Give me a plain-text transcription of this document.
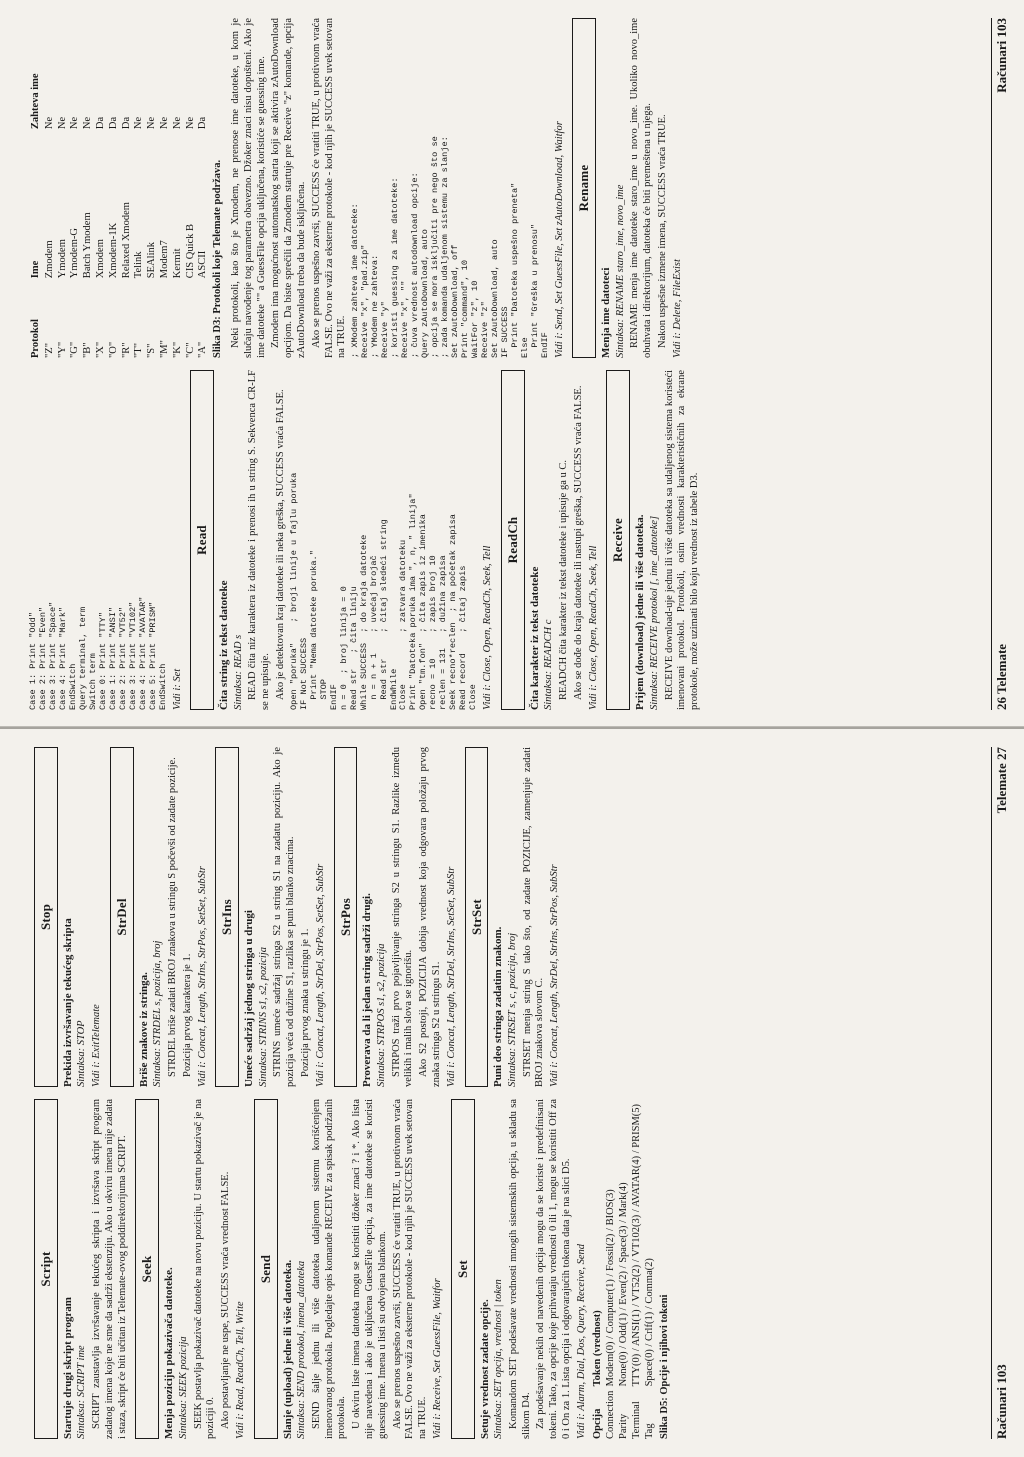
Case 1: Print "Odd"
Case 2: Print "Even"
Case 3: Print "Space"
Case 4: Print "Mark"
EndSwitch
Query terminal, term
Switch term
Case 0: Print "TTY"
Case 1: Print "ANSI"
Case 2: Print "VT52"
Case 3: Print "VT102"
Case 4: Print "AVATAR"
Case 5: Print "PRISM"
EndSwitch Vidi i: Set
Read
Čita string iz tekst datoteke Sintaksa: READ s READ čita niz karaktera iz datoteke i prenosi ih u string S. Sekvenca CR-LF se ne upisuje. Ako je detektovan kraj datoteke ili neka greška, SUCCESS vraća FALSE. Open "poruka"    ; broji linije u fajlu poruka
IF Not SUCCESS
Print "Nema datoteke poruka."
STOP
EndIF
n = 0  ; broj linija = 0
Read str   ; čita liniju
While SUCCESS  ; do kraja datoteke
n = n + 1    ; uvećaj brojač
Read str     ; čitaj sledeći string
EndWhile
Close          ; zatvara datoteku
Print "Datoteka poruka ima ", n, " linija"
Open "tm.fon"  ; čita zapis iz imenika
recno = 10     ; zapis broj 10
reclen = 131   ; dužina zapisa
Seek recno*reclen  ; na početak zapisa
Read record    ; čitaj zapis
Close Vidi i: Close, Open, ReadCh, Seek, Tell
ReadCh
Čita karakter iz tekst datoteke Sintaksa: READCH c READCH čita karakter iz tekst datoteke i upisuje ga u C. Ako se dođe do kraja datoteke ili nastupi greška, SUCCESS vraća FALSE. Vidi i: Close, Open, ReadCh, Seek, Tell
Receive Prijem (download) jedne ili više datoteka. Sintaksa: RECEIVE protokol [, ime_datoteke] RECEIVE download-uje jednu ili više datoteka sa udaljenog sistema koristeći imenovani protokol. Protokoli, osim vrednosti karakterističnih za ekrane protokole, može uzimati bilo koju vrednost iz tabele D3.

Protokol	Ime	Zahteva ime
"Z"	Zmodem	Ne
"Y"	Ymodem	Ne
"G"	Ymodem-G	Ne
"B"	Batch Ymodem	Ne
"X"	Xmodem	Da
"O"	Xmodem-1K	Da
"R"	Relaxed Xmodem	Da
"T"	Telink	Ne
"S"	SEAlink	Ne
"M"	Modem7	Ne
"K"	Kermit	Ne
"C"	CIS Quick B	Ne
"A"	ASCII	Da
Slika D3: Protokoli koje Telemate podržava. Neki protokoli, kao što je Xmodem, ne prenose ime datoteke, u kom je slučaju navođenje tog parametra obavezno. Džoker znaci nisu dopušteni. Ako je ime datoteke "" a GuessFile opcija uključena, koristiće se guessing ime. Zmodem ima mogućnost automatskog starta koji se aktivira zAutoDownload opcijom. Da biste sprečili da Zmodem startuje pre Receive "z" komande, opcija zAutoDownload treba da bude isključena. Ako se prenos uspešno završi, SUCCESS će vratiti TRUE, u protivnom vraća FALSE. Ovo ne važi za eksterne protokole - kod njih je SUCCESS uvek setovan na TRUE. ; XModem zahteva ime datoteke:
Receive "x", "pad.zip"
; YModem ne zahteva:
Receive "y"
; koristi guessing za ime datoteke:
Receive "x", ""
; čuva vrednost autodownload opcije:
Query zAutoDownload, auto
; opcija se mora isključiti pre nego što se
; zada komanda udaljenom sistemu za slanje:
Set zAutoDownload, off
Print "command", 10
WaitFor "z", 10
Receive "z"
Set zAutoDownload, auto
IF SUCCESS
Print "Datoteka uspešno preneta"
Else
Print "Greška u prenosu"
EndIF Vidi i: Send, Set GuessFile, Set zAutoDownload, Waitfor Rename
Menja ime datoteci Sintaksa: RENAME staro_ime, novo_ime RENAME menja ime datoteke staro_ime u novo_ime. Ukoliko novo_ime obuhvata i direktorijum, datoteka će biti premeštena u njega. Nakon uspešne izmene imena, SUCCESS vraća TRUE. Vidi i: Delete, FileExist
26 Telemate
Računari 103
Script
Startuje drugi skript program Sintaksa: SCRIPT ime SCRIPT zaustavlja izvršavanje tekućeg skripta i izvršava skript program zadatog imena koje ne sme da sadrži ekstenziju. Ako u okviru imena nije zadata i staza, skript će biti učitan iz Telemate-ovog poddirektorijuma SCRIPT. Seek Menja poziciju pokazivača datoteke. Sintaksa: SEEK pozicija SEEK postavlja pokazivač datoteke na novu poziciju. U startu pokazivač je na poziciji 0. Ako postavljanje ne uspe, SUCCESS vraća vrednost FALSE. Vidi i: Read, ReadCh, Tell, Write
Send Slanje (upload) jedne ili više datoteka. Sintaksa: SEND protokol, imena_datoteka SEND šalje jednu ili više datoteka udaljenom sistemu korišćenjem imenovanog protokola. Pogledajte opis komande RECEIVE za spisak podržanih protokola. U okviru liste imena datoteka mogu se koristiti džoker znaci ? i *. Ako lista nije navedena i ako je uključena GuessFile opcija, za ime datoteke se koristi guessing ime. Imena u listi su odvojena blankom. Ako se prenos uspešno završi, SUCCESS će vratiti TRUE, u protivnom vraća FALSE. Ovo ne važi za eksterne protokole - kod njih je SUCCESS uvek setovan na TRUE. Vidi i: Receive, Set GuessFile, Waitfor
Set
Setuje vrednost zadate opcije. Sintaksa: SET opcija, vrednost | token Komandom SET podešavate vrednosti mnogih sistemskih opcija, u skladu sa slikom D4. Za podešavanje nekih od navedenih opcija mogu da se koriste i predefinisani tokeni. Tako, za opcije koje prihvataju vrednosti 0 ili 1, mogu se koristiti Off za 0 i On za 1. Lista opcija i odgovarajućih tokena data je na slici D5. Vidi i: Alarm, Dial, Dos, Query, Receive, Send Opcija	Token (vrednost)
Connection	Modem(0) / Computer(1) / Fossil(2) / BIOS(3)
Parity	None(0) / Odd(1) / Even(2) / Space(3) / Mark(4)
Terminal	TTY(0) / ANSI(1) / VT52(2) / VT102(3) / AVATAR(4) / PRISM(5)
Tag	Space(0) / Crlf(1) / Comma(2) Slika D5: Opcije i njihovi tokeni
Stop
Prekida izvršavanje tekućeg skripta Sintaksa: STOP Vidi i: ExitTelemate
StrDel
Briše znakove iz stringa. Sintaksa: STRDEL s, pozicija, broj STRDEL briše zadati BROJ znakova u stringu S počevši od zadate pozicije. Pozicija prvog karaktera je 1. Vidi i: Concat, Length, StrIns, StrPos, SetSet, SubStr StrIns Umeće sadržaj jednog stringa u drugi Sintaksa: STRINS s1, s2, pozicija STRINS umeće sadržaj stringa S2 u string S1 na zadatu poziciju. Ako je pozicija veća od dužine S1, razlika se puni blanko znacima. Pozicija prvog znaka u stringu je 1. Vidi i: Concat, Length, StrDel, StrPos, SetSet, SubStr StrPos Proverava da li jedan string sadrži drugi. Sintaksa: STRPOS s1, s2, pozicija STRPOS traži prvo pojavljivanje stringa S2 u stringu S1. Razlike između velikih i malih slova se ignorišu. Ako S2 postoji, POZICIJA dobija vrednost koja odgovara položaju prvog znaka stringa S2 u stringu S1. Vidi i: Concat, Length, StrDel, StrIns, SetSet, SubStr StrSet
Puni deo stringa zadatim znakom. Sintaksa: STRSET s, c, pozicija, broj STRSET menja string S tako što, od zadate POZICIJE, zamenjuje zadati BROJ znakova slovom C. Vidi i: Concat, Length, StrDel, StrIns, StrPos, SubStr
Računari 103
Telemate 27
